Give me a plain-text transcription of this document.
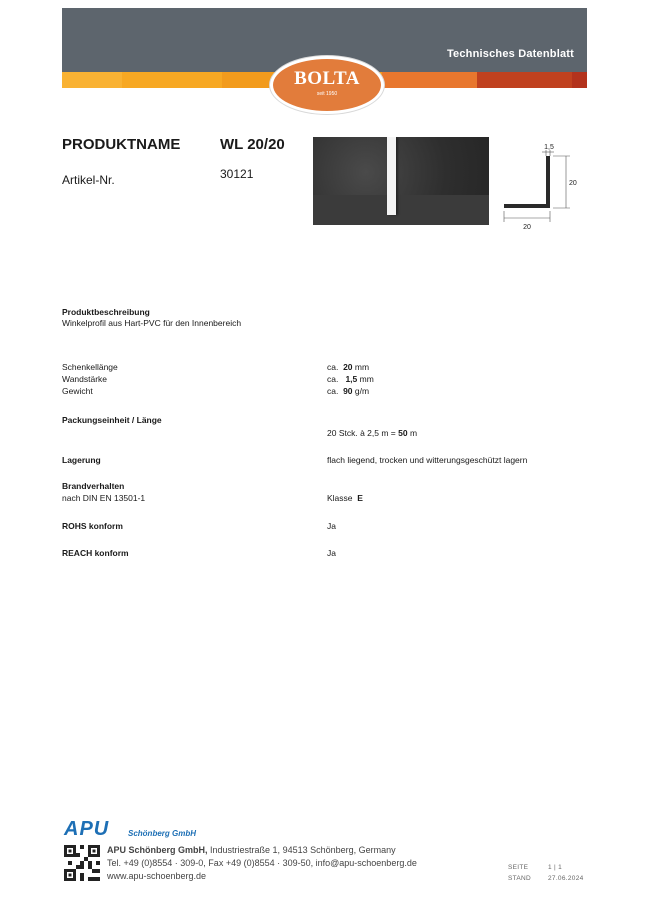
Technisches Datenblatt
BOLTA
seit 1950
PRODUKTNAME	WL 20/20
Artikel-Nr.	30121
1,5
20
20
Produktbeschreibung
Winkelprofil aus Hart-PVC für den Innenbereich
Schenkellänge	ca. 20 mm
Wandstärke	ca. 1,5 mm
Gewicht	ca. 90 g/m
Packungseinheit / Länge
20 Stck. à 2,5 m = 50 m
Lagerung	flach liegend, trocken und witterungsgeschützt lagern
Brandverhalten
nach DIN EN 13501-1	Klasse E
ROHS konform	Ja
REACH konform	Ja
APU Schönberg GmbH
APU Schönberg GmbH, Industriestraße 1, 94513 Schönberg, Germany
Tel. +49 (0)8554 · 309-0, Fax +49 (0)8554 · 309-50, info@apu-schoenberg.de
www.apu-schoenberg.de
SEITE	1 | 1
STAND	27.06.2024
